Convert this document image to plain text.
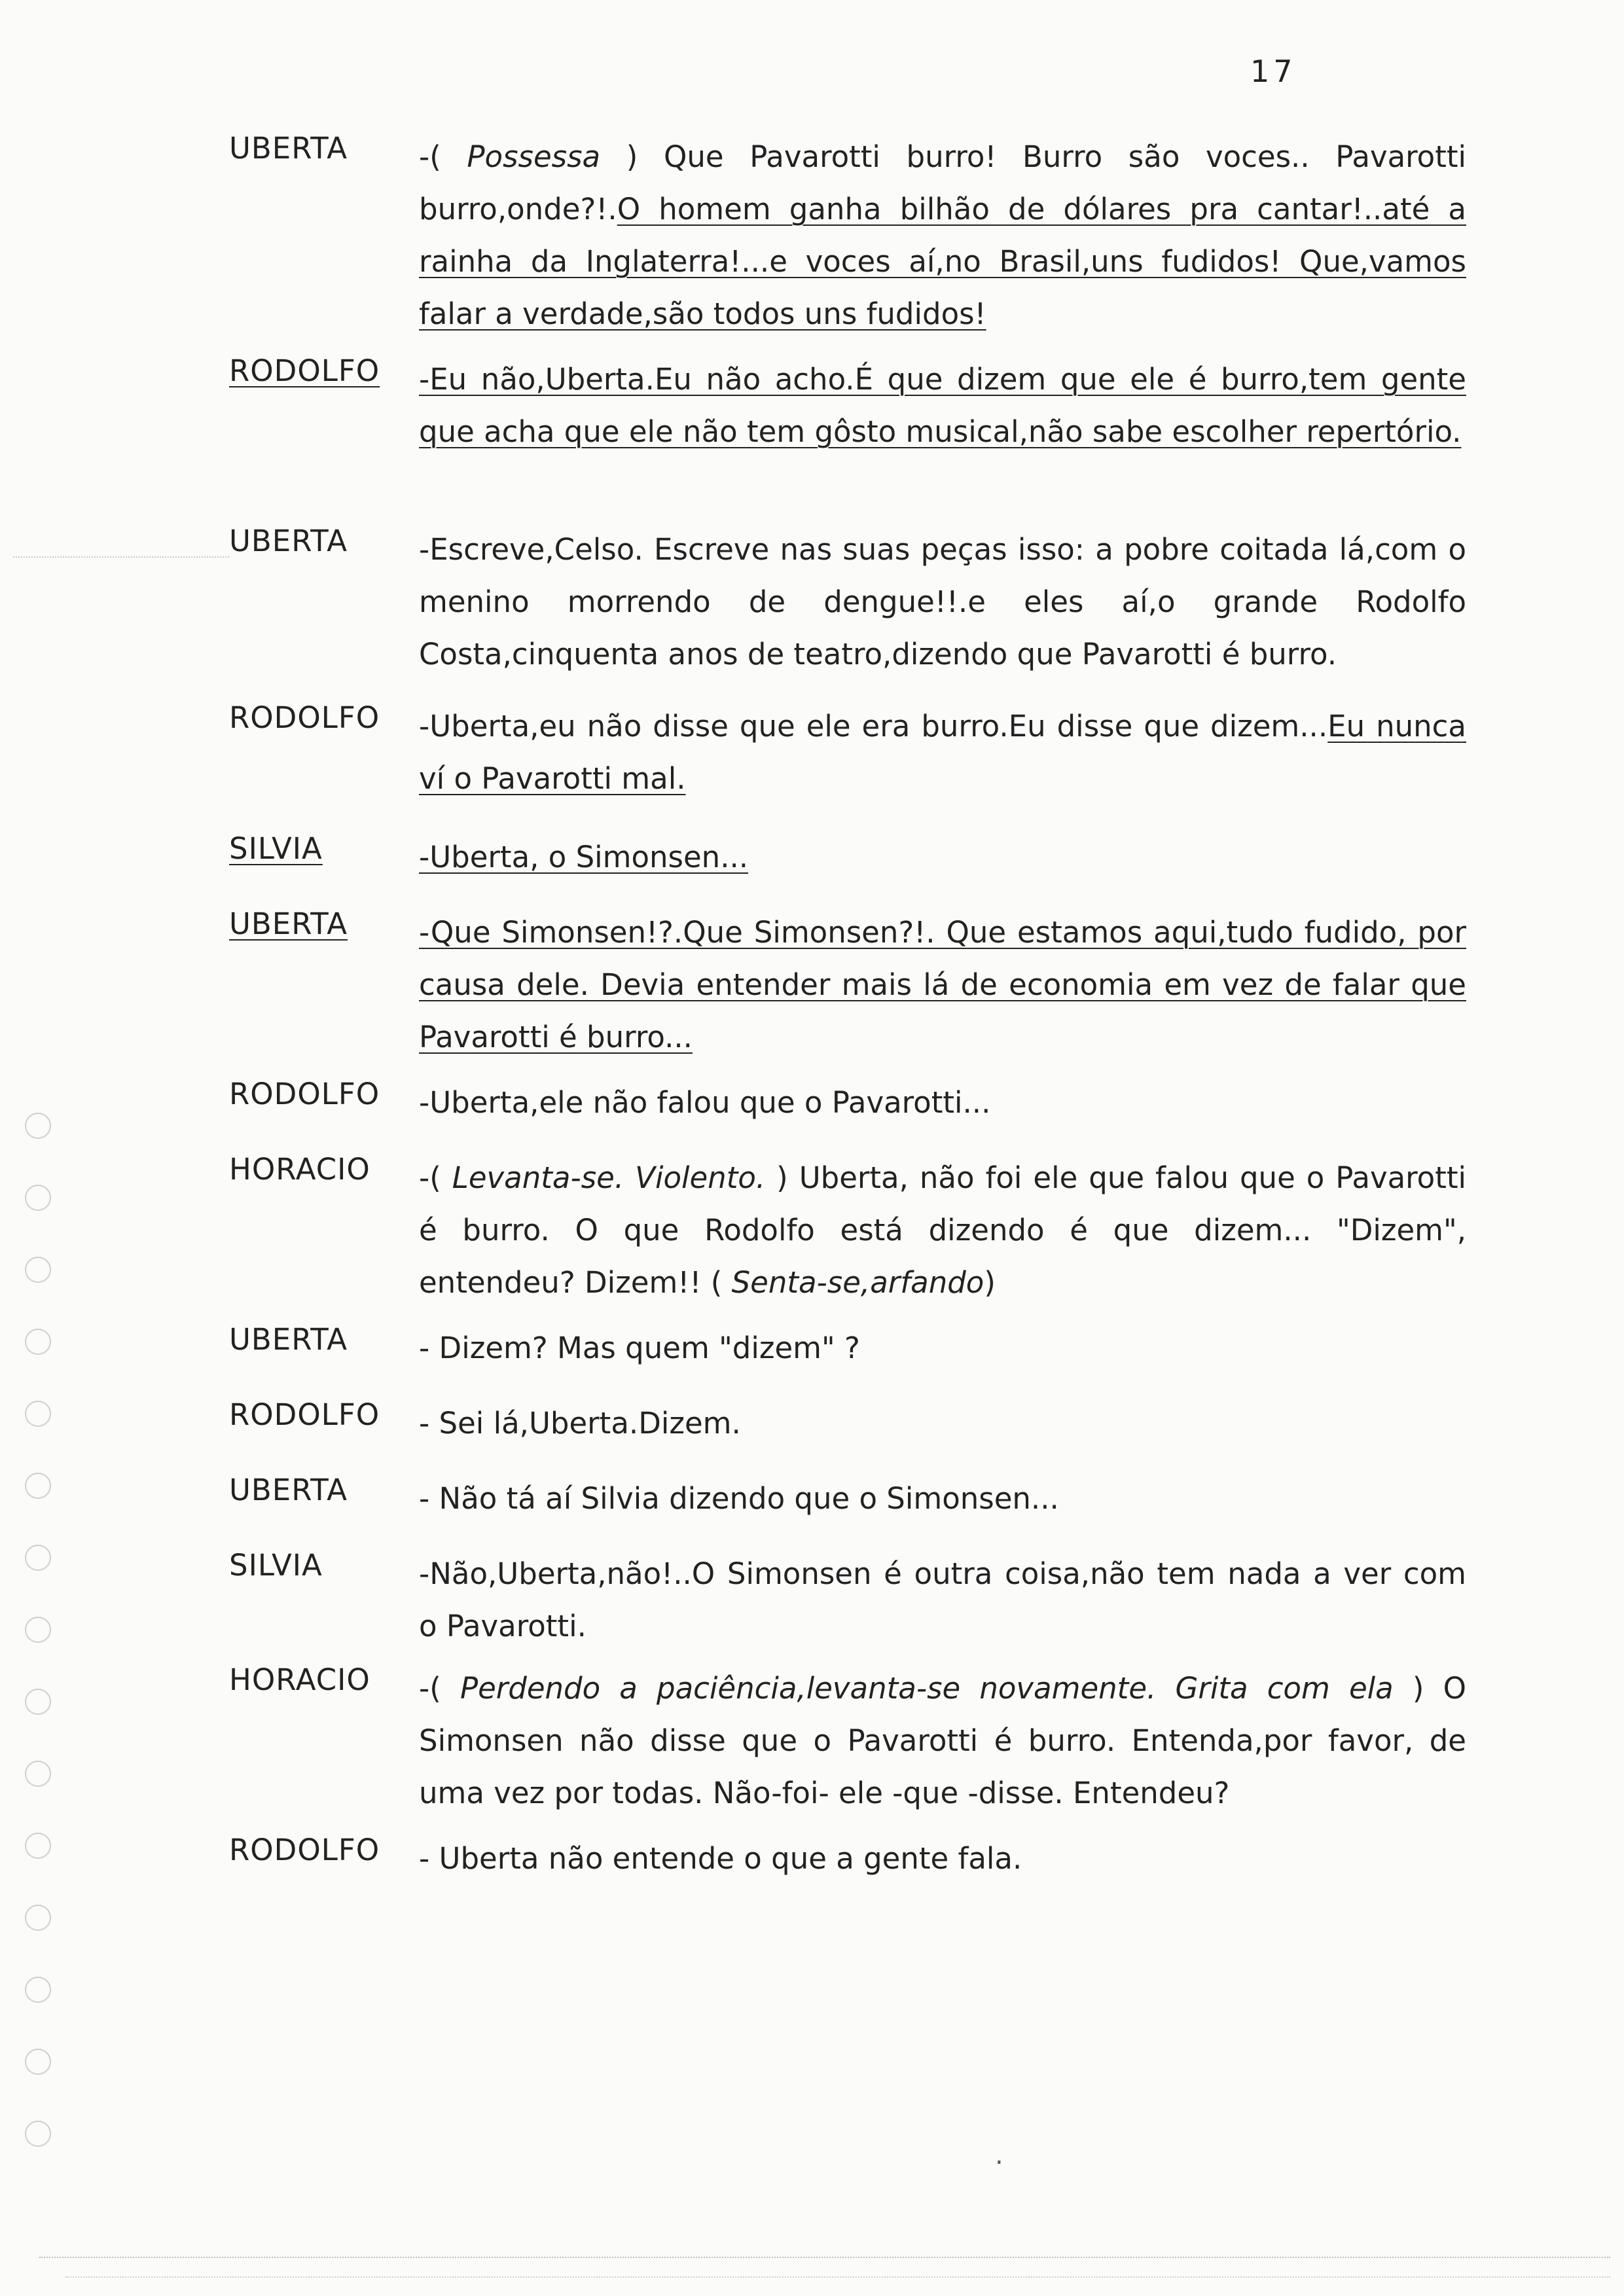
17
UBERTA -( Possessa ) Que Pavarotti burro! Burro são voces.. Pavarotti burro,onde?!.O homem ganha bilhão de dólares pra cantar!..até a rainha da Inglaterra!...e voces aí,no Brasil,uns fudidos! Que,vamos falar a verdade,são todos uns fudidos!
RODOLFO -Eu não,Uberta.Eu não acho.É que dizem que ele é burro,tem gente que acha que ele não tem gôsto musical,não sabe escolher repertório.
UBERTA -Escreve,Celso. Escreve nas suas peças isso: a pobre coitada lá,com o menino morrendo de dengue!!.e eles aí,o grande Rodolfo Costa,cinquenta anos de teatro,dizendo que Pavarotti é burro.
RODOLFO -Uberta,eu não disse que ele era burro.Eu disse que dizem...Eu nunca ví o Pavarotti mal.
SILVIA	-Uberta, o Simonsen...
UBERTA -Que Simonsen!?.Que Simonsen?!. Que estamos aqui,tudo fudido, por causa dele. Devia entender mais lá de economia em vez de falar que Pavarotti é burro...
RODOLFO -Uberta,ele não falou que o Pavarotti...
HORACIO -( Levanta-se. Violento. ) Uberta, não foi ele que falou que o Pavarotti é burro. O que Rodolfo está dizendo é que dizem... "Dizem", entendeu? Dizem!! ( Senta-se,arfando)
UBERTA - Dizem? Mas quem "dizem" ?
RODOLFO - Sei lá,Uberta.Dizem.
UBERTA - Não tá aí Silvia dizendo que o Simonsen...
SILVIA	-Não,Uberta,não!..O Simonsen é outra coisa,não tem nada a ver com o Pavarotti.
HORACIO -( Perdendo a paciência,levanta-se novamente. Grita com ela ) O Simonsen não disse que o Pavarotti é burro. Entenda,por favor, de uma vez por todas. Não-foi- ele -que -disse. Entendeu?
RODOLFO - Uberta não entende o que a gente fala.
.
